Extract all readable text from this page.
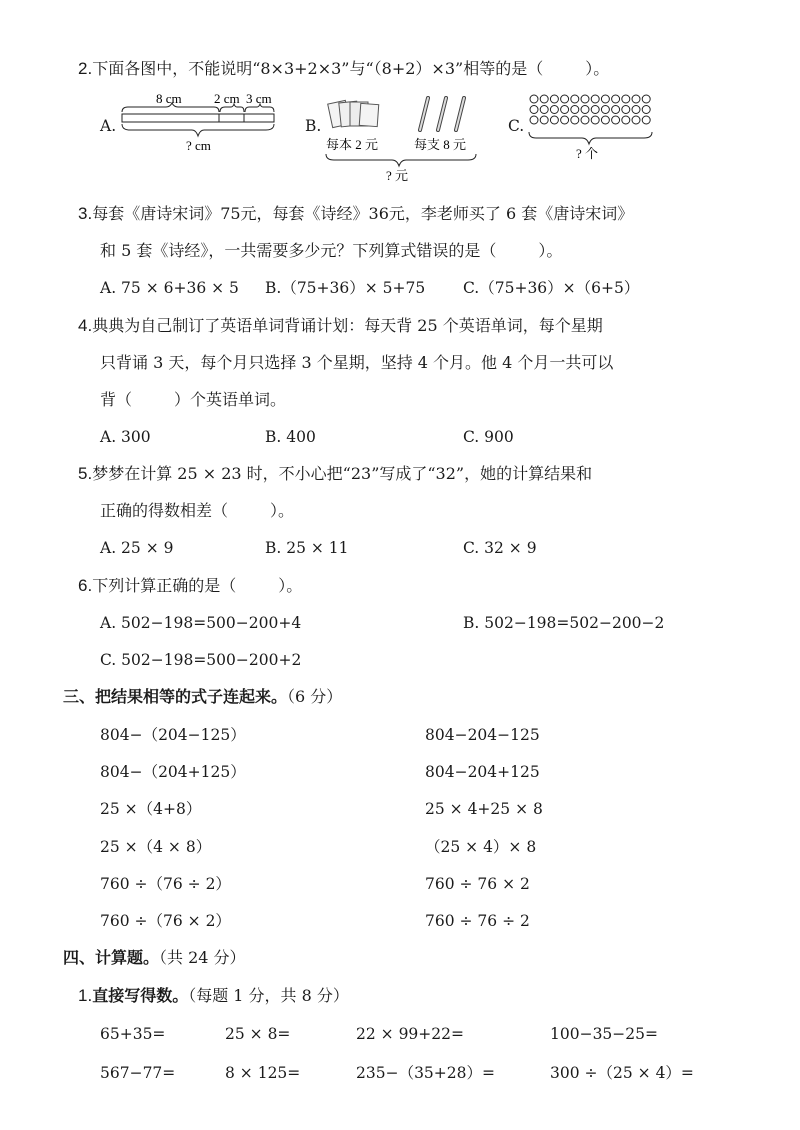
2.下面各图中，不能说明“8×3+2×3”与“（8+2）×3”相等的是（	）。
A.
8 cm 2 cm 3 cm
? cm
B.
每本 2 元	每支 8 元
? 元
C.
? 个
3.每套《唐诗宋词》75元，每套《诗经》36元，李老师买了 6 套《唐诗宋词》
和 5 套《诗经》，一共需要多少元？下列算式错误的是（	）。
A. 75 × 6+36 × 5 B.（75+36）× 5+75 C.（75+36）×（6+5）
4.典典为自己制订了英语单词背诵计划：每天背 25 个英语单词，每个星期
只背诵 3 天，每个月只选择 3 个星期，坚持 4 个月。他 4 个月一共可以
背（	）个英语单词。
A. 300	B. 400	C. 900
5.梦梦在计算 25 × 23 时，不小心把“23”写成了“32”，她的计算结果和
正确的得数相差（	）。
A. 25 × 9	B. 25 × 11	C. 32 × 9
6.下列计算正确的是（	）。
A. 502−198=500−200+4	B. 502−198=502−200−2
C. 502−198=500−200+2
三、把结果相等的式子连起来。（6 分）
804−（204−125）	804−204−125
804−（204+125）	804−204+125
25 ×（4+8）	25 × 4+25 × 8
25 ×（4 × 8）	（25 × 4）× 8
760 ÷（76 ÷ 2）	760 ÷ 76 × 2
760 ÷（76 × 2）	760 ÷ 76 ÷ 2
四、计算题。（共 24 分）
1.直接写得数。（每题 1 分，共 8 分）
65+35=	25 × 8=	22 × 99+22=	100−35−25=
567−77=	8 × 125=	235−（35+28）=	300 ÷（25 × 4）=
